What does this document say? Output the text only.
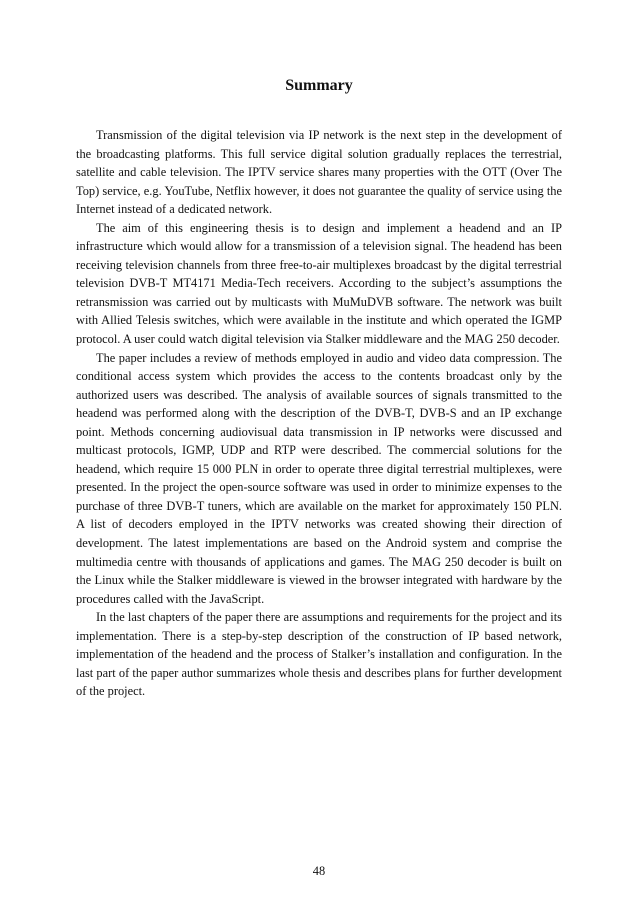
Summary

Transmission of the digital television via IP network is the next step in the development of the broadcasting platforms. This full service digital solution gradually replaces the terrestrial, satellite and cable television. The IPTV service shares many properties with the OTT (Over The Top) service, e.g. YouTube, Netflix however, it does not guarantee the quality of service using the Internet instead of a dedicated network.

The aim of this engineering thesis is to design and implement a headend and an IP infrastructure which would allow for a transmission of a television signal. The headend has been receiving television channels from three free-to-air multiplexes broadcast by the digital terrestrial television DVB-T MT4171 Media-Tech receivers. According to the subject’s assumptions the retransmission was carried out by multicasts with MuMuDVB software. The network was built with Allied Telesis switches, which were available in the institute and which operated the IGMP protocol. A user could watch digital television via Stalker middleware and the MAG 250 decoder.

The paper includes a review of methods employed in audio and video data compression. The conditional access system which provides the access to the contents broadcast only by the authorized users was described. The analysis of available sources of signals transmitted to the headend was performed along with the description of the DVB-T, DVB-S and an IP exchange point. Methods concerning audiovisual data transmission in IP networks were discussed and multicast protocols, IGMP, UDP and RTP were described. The commercial solutions for the headend, which require 15 000 PLN in order to operate three digital terrestrial multiplexes, were presented. In the project the open-source software was used in order to minimize expenses to the purchase of three DVB-T tuners, which are available on the market for approximately 150 PLN. A list of decoders employed in the IPTV networks was created showing their direction of development. The latest implementations are based on the Android system and comprise the multimedia centre with thousands of applications and games. The MAG 250 decoder is built on the Linux while the Stalker middleware is viewed in the browser integrated with hardware by the procedures called with the JavaScript.

In the last chapters of the paper there are assumptions and requirements for the project and its implementation. There is a step-by-step description of the construction of IP based network, implementation of the headend and the process of Stalker’s installation and configuration. In the last part of the paper author summarizes whole thesis and describes plans for further development of the project.

48
